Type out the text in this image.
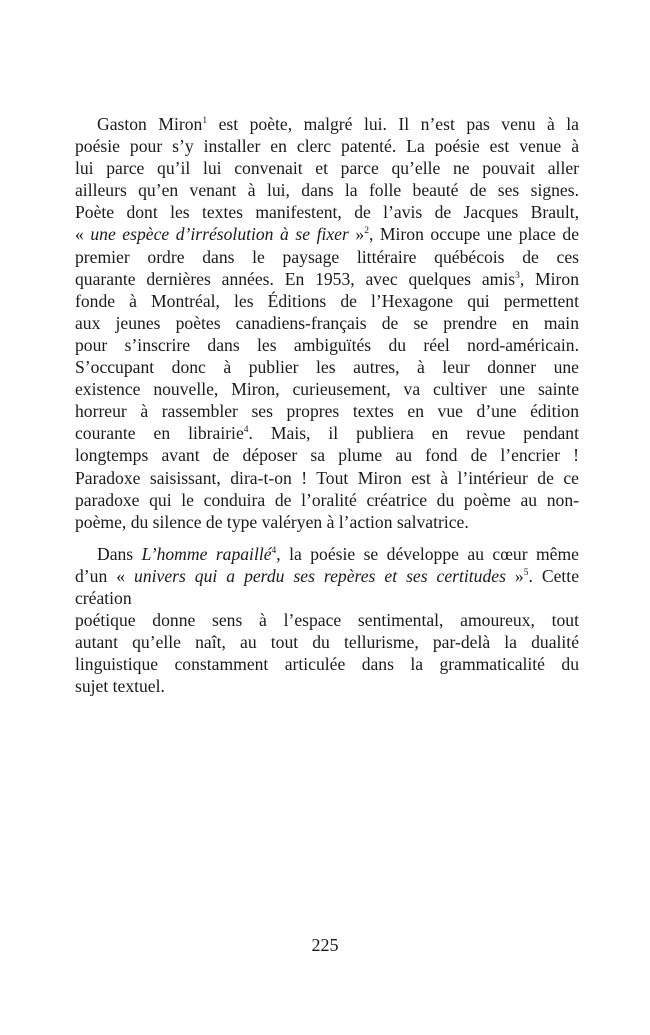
Gaston Miron$^1$ est poète, malgré lui. Il n’est pas venu à la
poésie pour s’y installer en clerc patenté. La poésie est venue à
lui parce qu’il lui convenait et parce qu’elle ne pouvait aller
ailleurs qu’en venant à lui, dans la folle beauté de ses signes.
Poète dont les textes manifestent, de l’avis de Jacques Brault,
« une espèce d’irrésolution à se fixer »$^2$, Miron occupe une place de
premier ordre dans le paysage littéraire québécois de ces
quarante dernières années. En 1953, avec quelques amis$^3$, Miron
fonde à Montréal, les Éditions de l’Hexagone qui permettent
aux jeunes poètes canadiens-français de se prendre en main
pour s’inscrire dans les ambiguïtés du réel nord-américain.
S’occupant donc à publier les autres, à leur donner une
existence nouvelle, Miron, curieusement, va cultiver une sainte
horreur à rassembler ses propres textes en vue d’une édition
courante en librairie$^4$. Mais, il publiera en revue pendant
longtemps avant de déposer sa plume au fond de l’encrier !
Paradoxe saisissant, dira-t-on ! Tout Miron est à l’intérieur de ce
paradoxe qui le conduira de l’oralité créatrice du poème au non-
poème, du silence de type valéryen à l’action salvatrice.
Dans L’homme rapaillé$^4$, la poésie se développe au cœur même
d’un « univers qui a perdu ses repères et ses certitudes »$^5$. Cette création
poétique donne sens à l’espace sentimental, amoureux, tout
autant qu’elle naît, au tout du tellurisme, par-delà la dualité
linguistique constamment articulée dans la grammaticalité du
sujet textuel.
225
